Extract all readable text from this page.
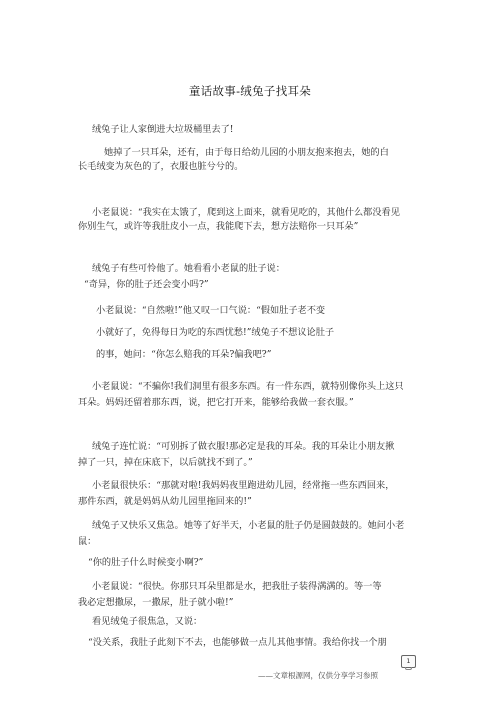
童话故事-绒兔子找耳朵
绒兔子让人家倒进大垃圾桶里去了!
她掉了一只耳朵，还有，由于每日给幼儿园的小朋友抱来抱去，她的白
长毛绒变为灰色的了，衣服也脏兮兮的。
小老鼠说：“我实在太饿了，爬到这上面来，就看见吃的，其他什么都没看见
你别生气，或许等我肚皮小一点，我能爬下去，想方法赔你一只耳朵”
绒兔子有些可怜他了。她看看小老鼠的肚子说：
“奇异，你的肚子还会变小吗?”
小老鼠说：“自然啦!”他又叹一口气说：“假如肚子老不变
小就好了，免得每日为吃的东西忧愁!”绒兔子不想议论肚子
的事，她问：“你怎么赔我的耳朵?偏我吧?”
小老鼠说：“不骗你!我们洞里有很多东西。有一件东西，就特别像你头上这只
耳朵。妈妈还留着那东西，说，把它打开来，能够给我做一套衣服。”
绒兔子连忙说：“可别拆了做衣服!那必定是我的耳朵。我的耳朵让小朋友揪
掉了一只，掉在床底下，以后就找不到了。”
小老鼠很快乐：“那就对啦!我妈妈夜里跑进幼儿园，经常拖一些东西回来，
那件东西，就是妈妈从幼儿园里拖回来的!”
绒兔子又快乐又焦急。她等了好半天，小老鼠的肚子仍是圆鼓鼓的。她问小老
鼠：
“你的肚子什么时候变小啊?”
小老鼠说：“很快。你那只耳朵里都是水，把我肚子装得满满的。等一等
我必定想撒尿，一撒尿，肚子就小啦!”
看见绒兔子很焦急，又说：
“没关系，我肚子此刻下不去，也能够做一点儿其他事情。我给你找一个朋
1
——文章根源网，仅供分享学习参照
